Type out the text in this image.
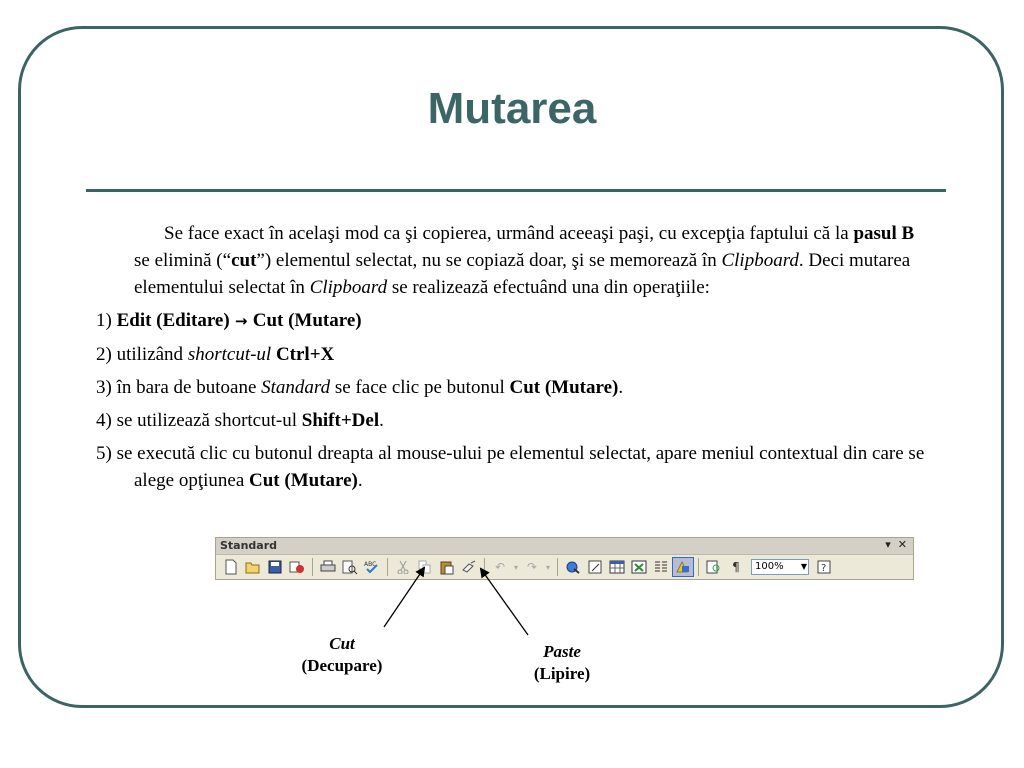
Mutarea

Se face exact în acelaşi mod ca şi copierea, urmând aceeaşi paşi, cu excepţia faptului că la pasul B se elimină (“cut”) elementul selectat, nu se copiază doar, şi se memorează în Clipboard. Deci mutarea elementului selectat în Clipboard se realizează efectuând una din operaţiile:

1) Edit (Editare) → Cut (Mutare)

2) utilizând shortcut-ul Ctrl+X

3) în bara de butoane Standard se face clic pe butonul Cut (Mutare).

4) se utilizează shortcut-ul Shift+Del.

5) se execută clic cu butonul dreapta al mouse-ului pe elementul selectat, apare meniul contextual din care se alege opţiunea Cut (Mutare).

Standard	▾ ✕
ABC	↶	▾ ↷	▾	¶	100% ▼ ?
Cut
(Decupare)
Paste
(Lipire)
